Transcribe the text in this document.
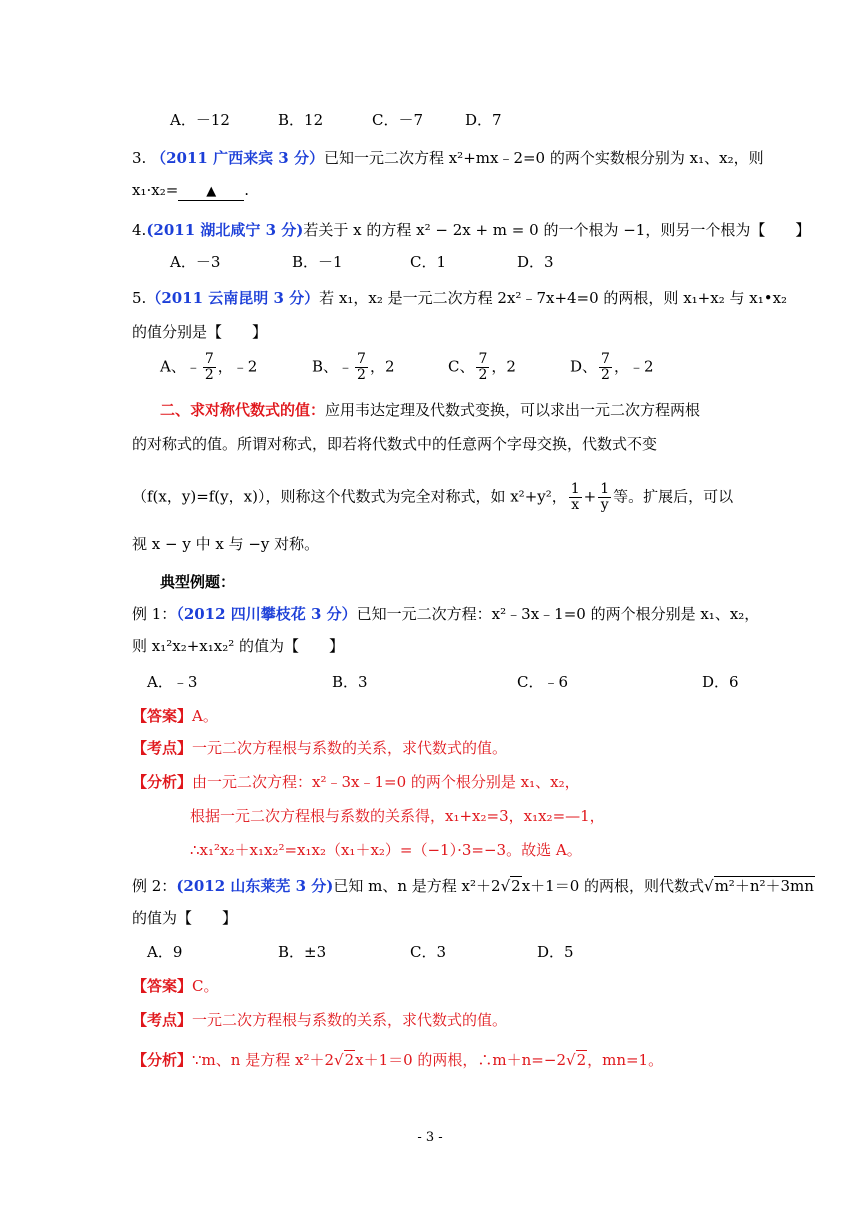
A．－12	B．12	C．－7	D．7
3. （2011 广西来宾 3 分）已知一元二次方程 x²+mx﹣2=0 的两个实数根分别为 x₁、x₂，则
x₁·x₂= ▲ .
4.(2011 湖北咸宁 3 分)若关于 x 的方程 x² − 2x + m = 0 的一个根为 −1，则另一个根为【　　】
A．－3	B．－1	C．1	D．3
5.（2011 云南昆明 3 分）若 x₁，x₂ 是一元二次方程 2x²﹣7x+4=0 的两根，则 x₁+x₂ 与 x₁•x₂
的值分别是【　　】
A、﹣ $\frac{7}{2}$ ，﹣2	B、﹣ $\frac{7}{2}$ ，2	C、 $\frac{7}{2}$ ，2	D、 $\frac{7}{2}$ ，﹣2
二、求对称代数式的值：应用韦达定理及代数式变换，可以求出一元二次方程两根
的对称式的值。所谓对称式，即若将代数式中的任意两个字母交换，代数式不变
（f(x，y)=f(y，x)），则称这个代数式为完全对称式，如 x²+y²， $\frac{1}{x} + \frac{1}{y}$ 等。扩展后，可以
视 x − y 中 x 与 −y 对称。
典型例题：
例 1：（2012 四川攀枝花 3 分）已知一元二次方程：x²﹣3x﹣1=0 的两个根分别是 x₁、x₂，
则 x₁²x₂+x₁x₂² 的值为【　　】
A．﹣3	B．3	C．﹣6	D．6
【答案】A。
【考点】一元二次方程根与系数的关系，求代数式的值。
【分析】由一元二次方程：x²﹣3x﹣1=0 的两个根分别是 x₁、x₂，
根据一元二次方程根与系数的关系得，x₁+x₂=3，x₁x₂=—1，
∴x₁²x₂＋x₁x₂²=x₁x₂（x₁＋x₂）=（−1）·3=−3。故选 A。
例 2：(2012 山东莱芜 3 分)已知 m、n 是方程 x²＋2√2x＋1＝0 的两根，则代数式√m²＋n²＋3mn
的值为【　　】
A．9	B．±3	C．3	D．5
【答案】C。
【考点】一元二次方程根与系数的关系，求代数式的值。
【分析】∵m、n 是方程 x²＋2√2x＋1＝0 的两根，∴m＋n=−2√2，mn=1。
- 3 -
